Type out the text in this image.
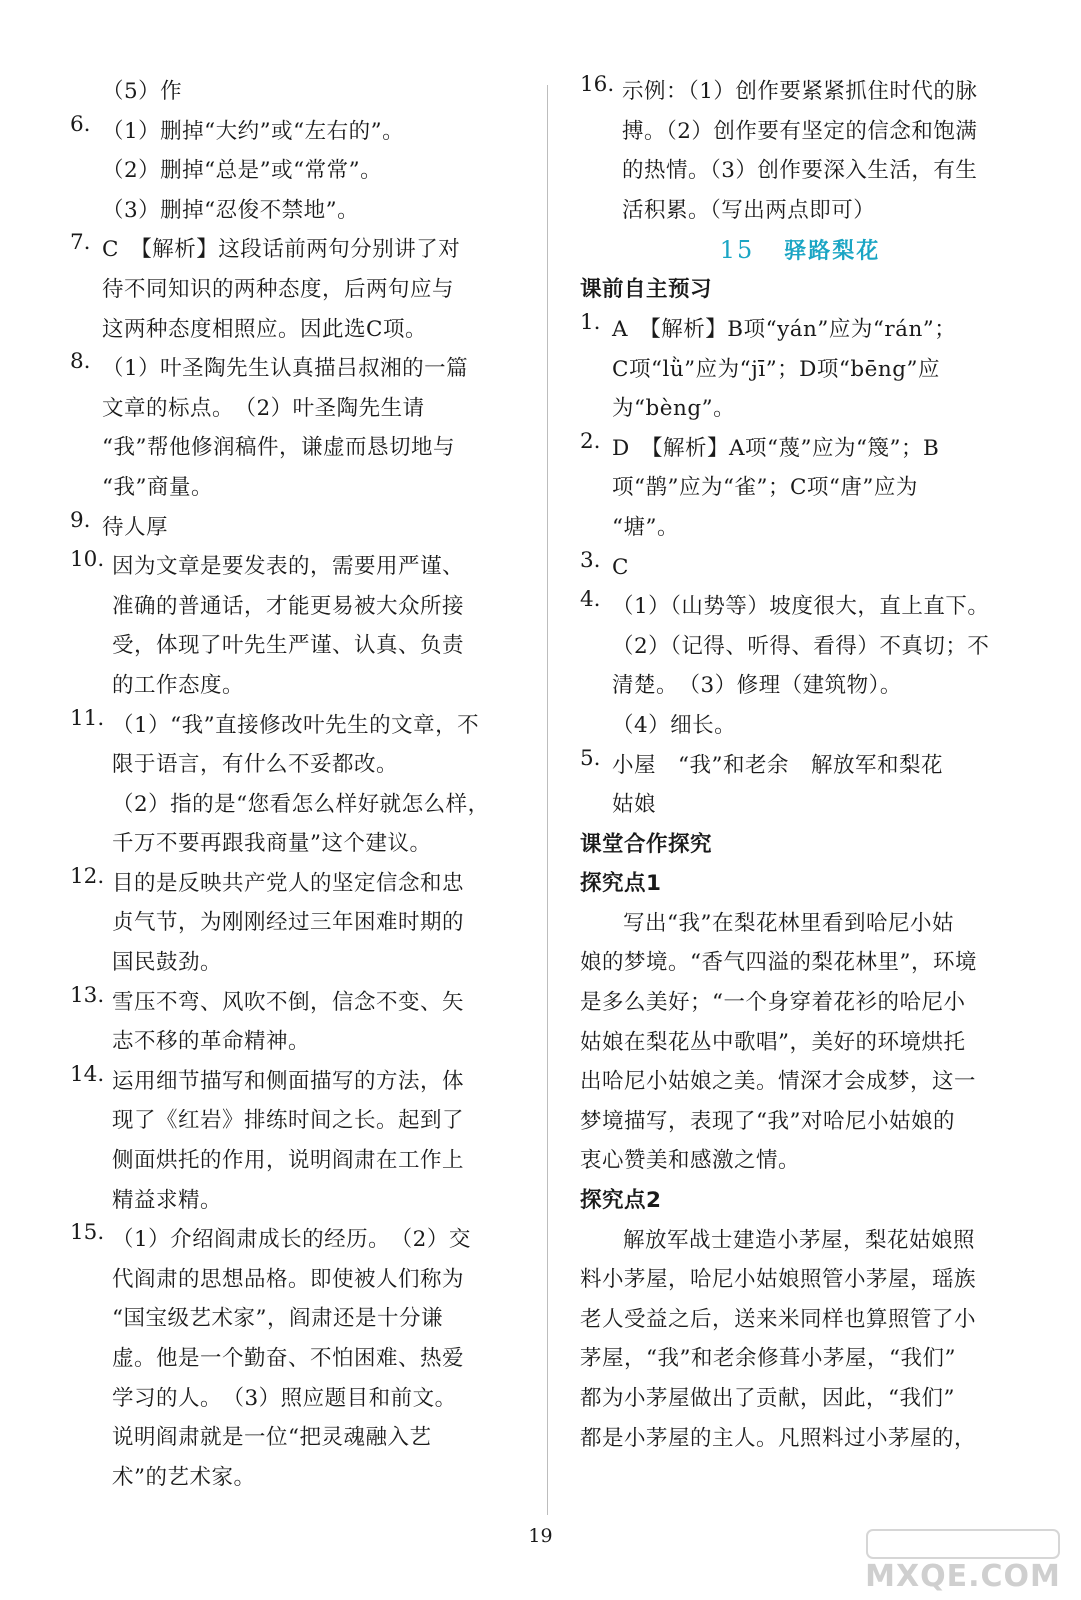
（5）作
6. （1）删掉“大约”或“左右的”。
（2）删掉“总是”或“常常”。
（3）删掉“忍俊不禁地”。
7. C　【解析】这段话前两句分别讲了对
待不同知识的两种态度，后两句应与
这两种态度相照应。因此选C项。
8. （1）叶圣陶先生认真描吕叔湘的一篇
文章的标点。　（2）叶圣陶先生请
“我”帮他修润稿件，谦虚而恳切地与
“我”商量。
9. 待人厚
10. 因为文章是要发表的，需要用严谨、
准确的普通话，才能更易被大众所接
受，体现了叶先生严谨、认真、负责
的工作态度。
11. （1）“我”直接修改叶先生的文章，不
限于语言，有什么不妥都改。
（2）指的是“您看怎么样好就怎么样，
千万不要再跟我商量”这个建议。
12. 目的是反映共产党人的坚定信念和忠
贞气节，为刚刚经过三年困难时期的
国民鼓劲。
13. 雪压不弯、风吹不倒，信念不变、矢
志不移的革命精神。
14. 运用细节描写和侧面描写的方法，体
现了《红岩》排练时间之长。起到了
侧面烘托的作用，说明阎肃在工作上
精益求精。
15. （1）介绍阎肃成长的经历。　（2）交
代阎肃的思想品格。即使被人们称为
“国宝级艺术家”，阎肃还是十分谦
虚。他是一个勤奋、不怕困难、热爱
学习的人。　（3）照应题目和前文。
说明阎肃就是一位“把灵魂融入艺
术”的艺术家。
16. 示例：（1）创作要紧紧抓住时代的脉
搏。（2）创作要有坚定的信念和饱满
的热情。（3）创作要深入生活，有生
活积累。（写出两点即可）
15 驿路梨花
课前自主预习
1. A　【解析】B项“yán”应为“rán”；
C项“lǜ”应为“jī”；D项“bēng”应
为“bèng”。
2. D　【解析】A项“蔑”应为“篾”；B
项“鹊”应为“雀”；C项“唐”应为
“塘”。
3. C
4. （1）（山势等）坡度很大，直上直下。
（2）（记得、听得、看得）不真切；不
清楚。　（3）修理（建筑物）。
（4）细长。
5. 小屋　“我”和老余　解放军和梨花
姑娘
课堂合作探究
探究点1
写出“我”在梨花林里看到哈尼小姑
娘的梦境。“香气四溢的梨花林里”，环境
是多么美好；“一个身穿着花衫的哈尼小
姑娘在梨花丛中歌唱”，美好的环境烘托
出哈尼小姑娘之美。情深才会成梦，这一
梦境描写，表现了“我”对哈尼小姑娘的
衷心赞美和感激之情。
探究点2
解放军战士建造小茅屋，梨花姑娘照
料小茅屋，哈尼小姑娘照管小茅屋，瑶族
老人受益之后，送来米同样也算照管了小
茅屋，“我”和老余修葺小茅屋，“我们”
都为小茅屋做出了贡献，因此，“我们”
都是小茅屋的主人。凡照料过小茅屋的，
19
MXQE.COM
